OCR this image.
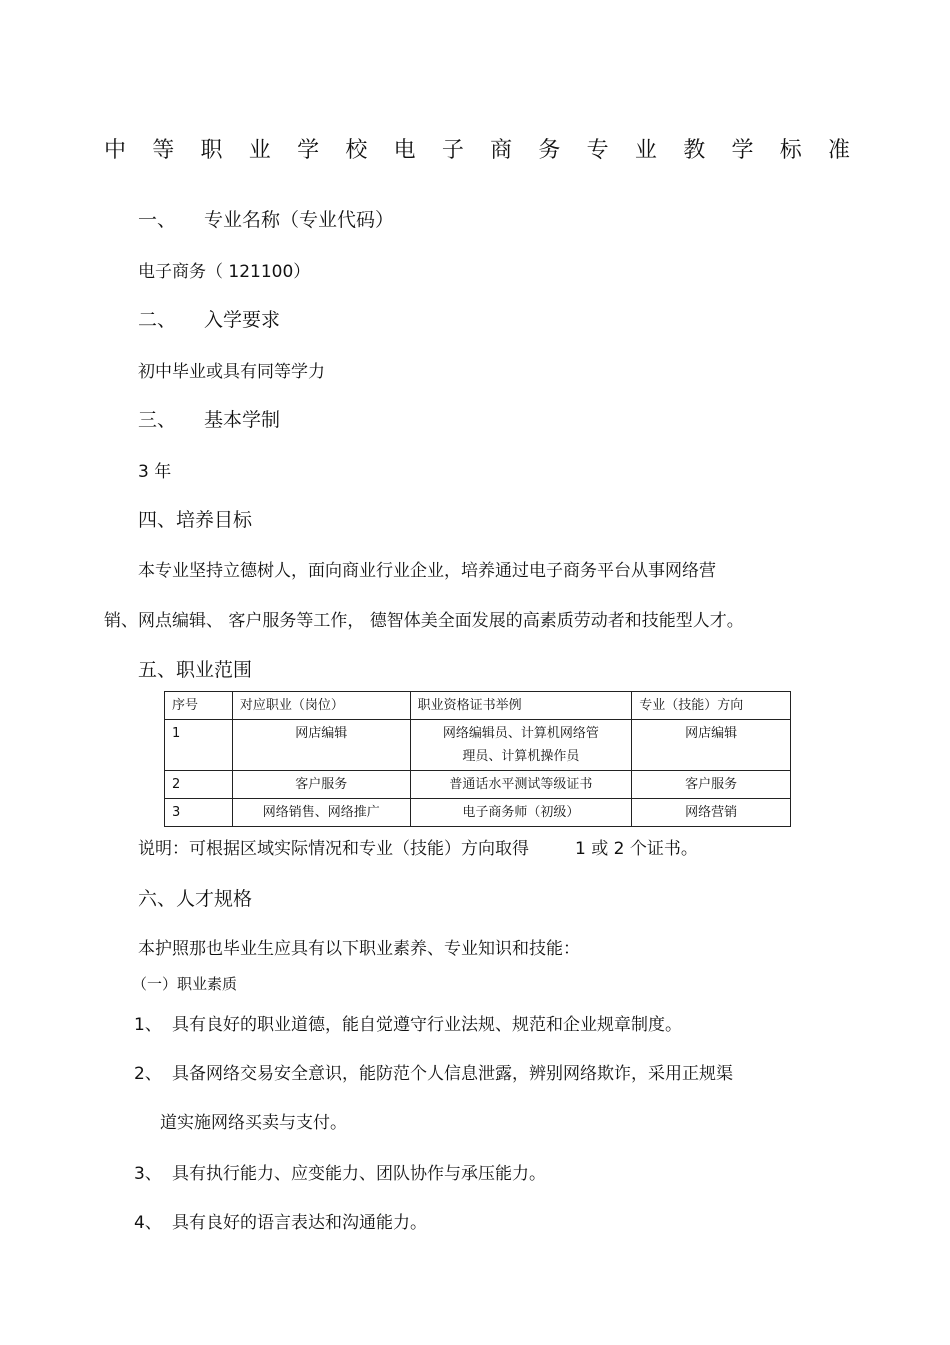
中 等 职 业 学 校 电 子 商 务 专 业 教 学 标 准
一、 专业名称（专业代码）
电子商务（ 121100）
二、 入学要求
初中毕业或具有同等学力
三、 基本学制
3 年
四、培养目标
本专业坚持立德树人，面向商业行业企业，培养通过电子商务平台从事网络营
销、网点编辑、 客户服务等工作， 德智体美全面发展的高素质劳动者和技能型人才。
五、职业范围
序号	对应职业（岗位）	职业资格证书举例	专业（技能）方向
1	网店编辑	网络编辑员、计算机网络管
理员、计算机操作员	网店编辑
2	客户服务	普通话水平测试等级证书	客户服务
3	网络销售、网络推广	电子商务师（初级）	网络营销
说明：可根据区域实际情况和专业（技能）方向取得	1 或 2 个证书。
六、人才规格
本护照那也毕业生应具有以下职业素养、专业知识和技能：
（一）职业素质
1、 具有良好的职业道德，能自觉遵守行业法规、规范和企业规章制度。
2、 具备网络交易安全意识，能防范个人信息泄露，辨别网络欺诈，采用正规渠
道实施网络买卖与支付。
3、 具有执行能力、应变能力、团队协作与承压能力。
4、 具有良好的语言表达和沟通能力。
